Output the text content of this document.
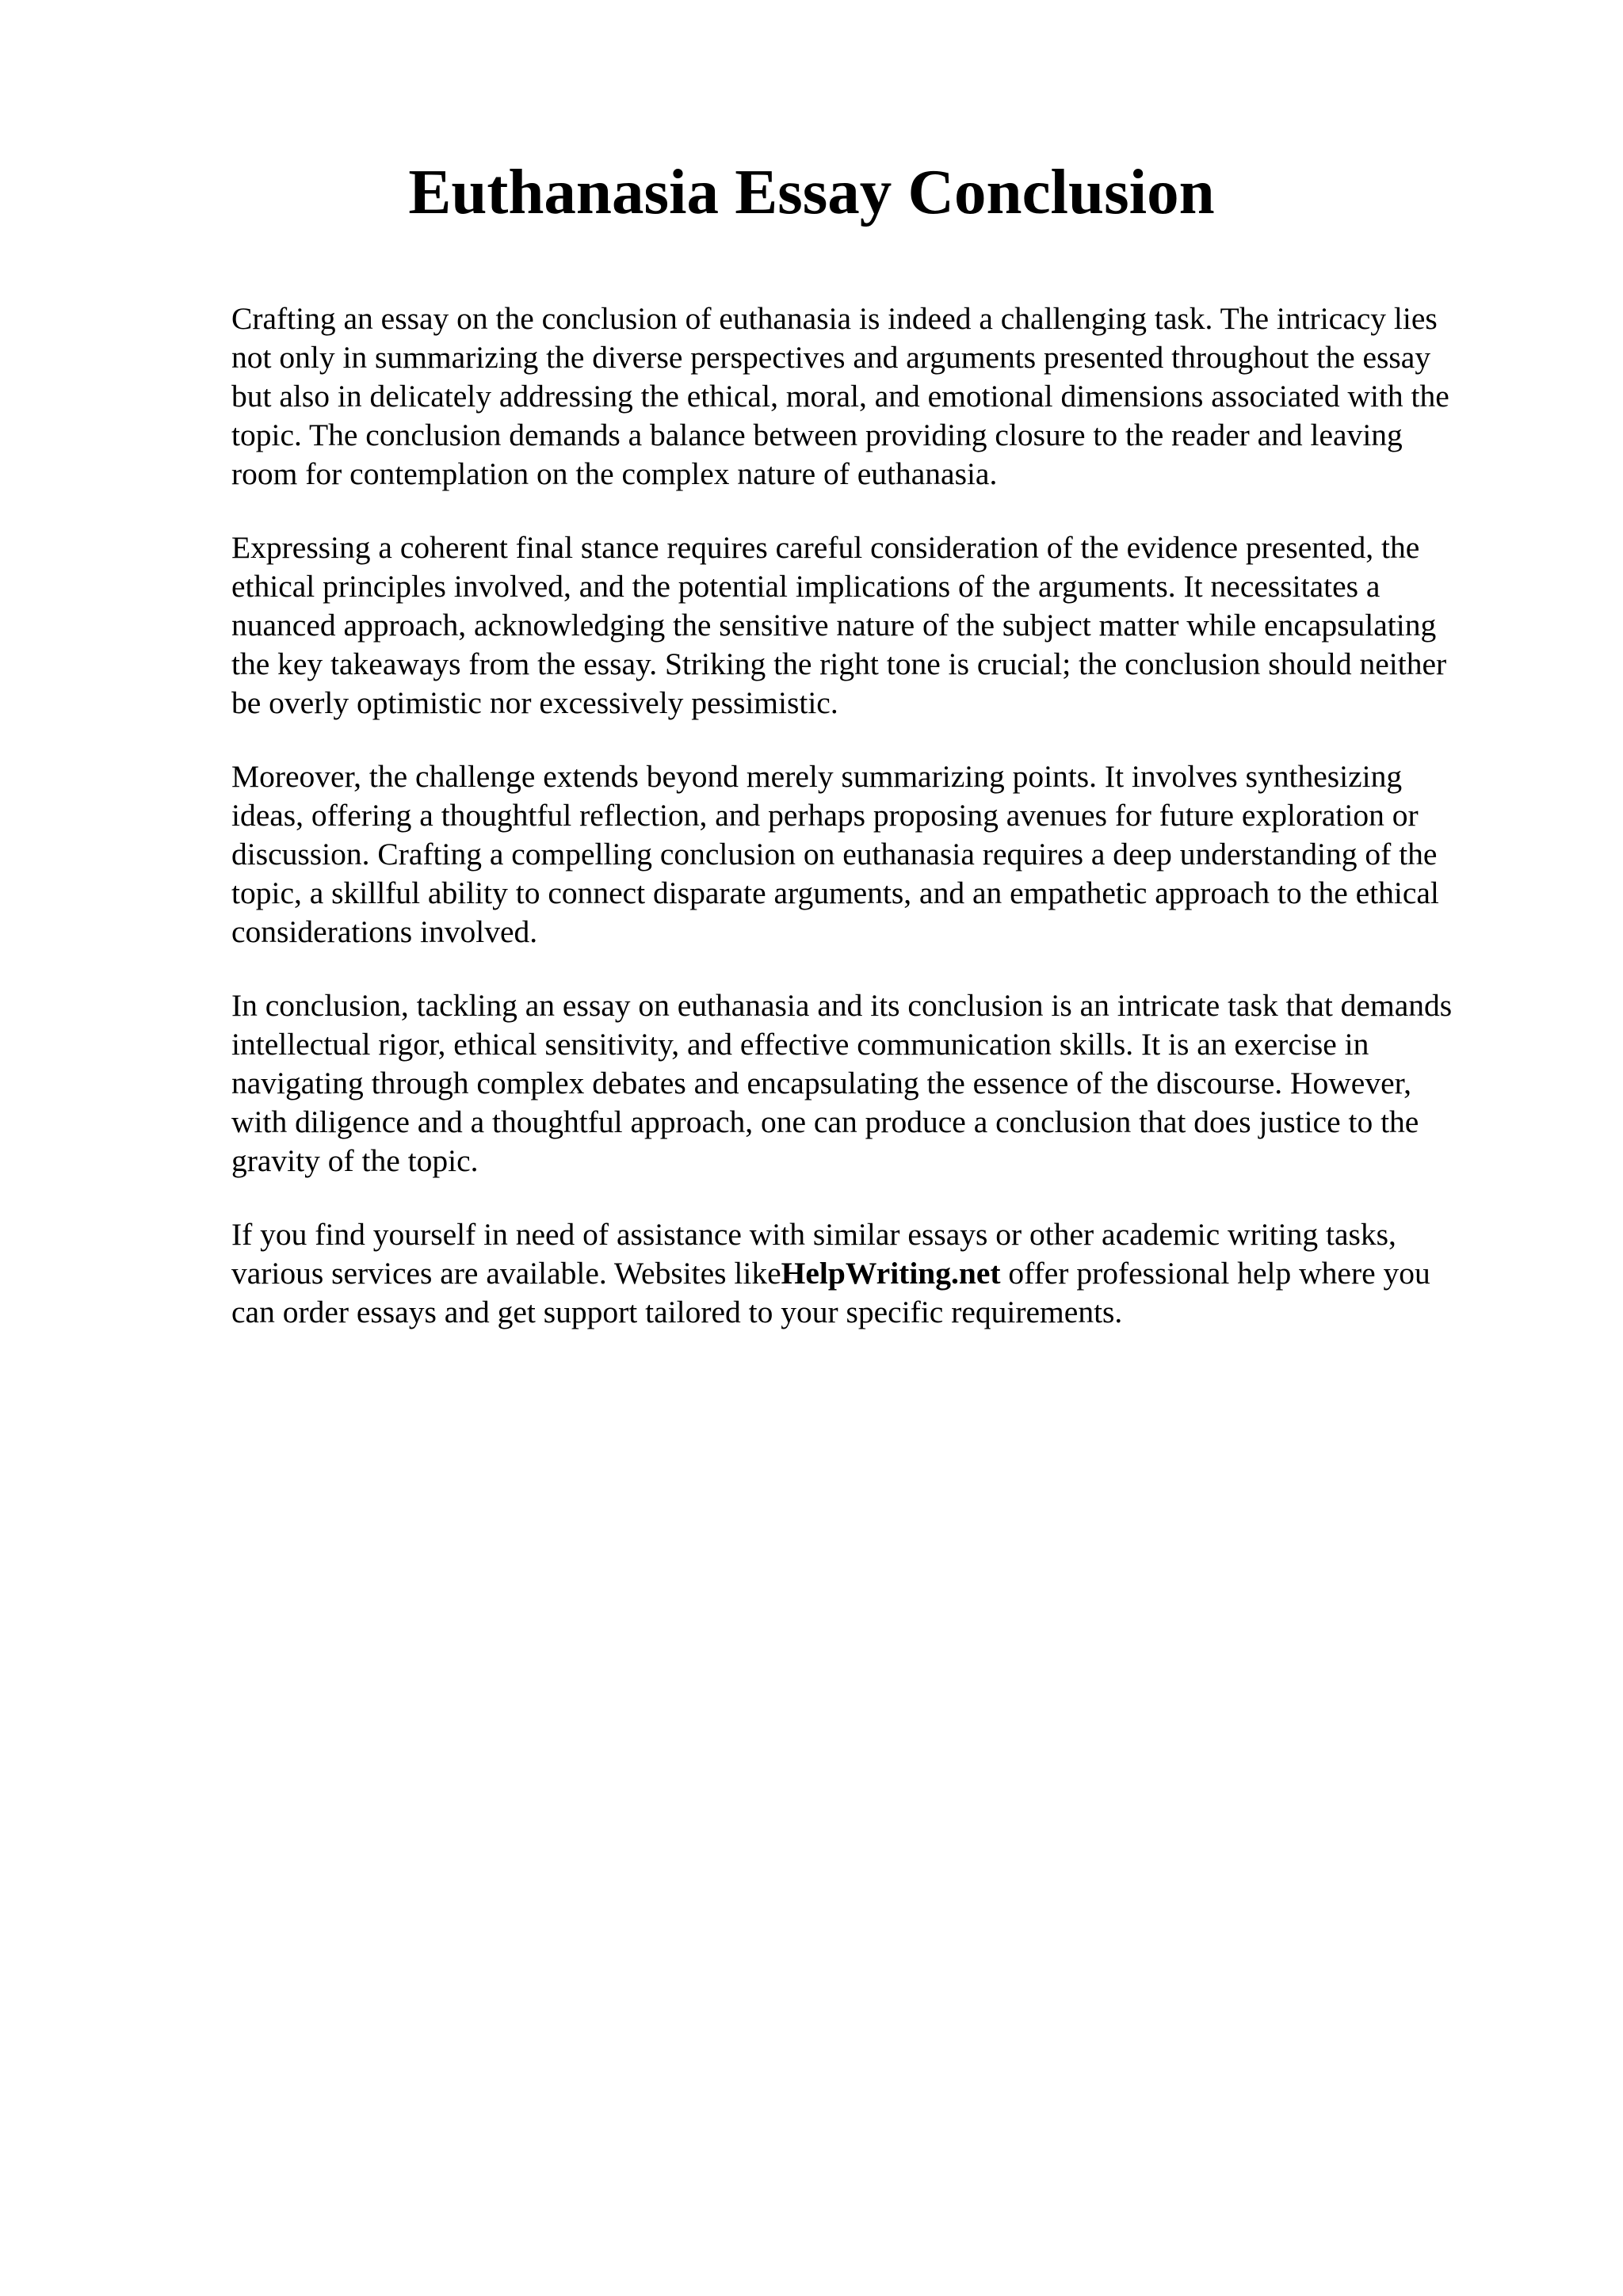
Euthanasia Essay Conclusion

Crafting an essay on the conclusion of euthanasia is indeed a challenging task. The intricacy lies
not only in summarizing the diverse perspectives and arguments presented throughout the essay
but also in delicately addressing the ethical, moral, and emotional dimensions associated with the
topic. The conclusion demands a balance between providing closure to the reader and leaving
room for contemplation on the complex nature of euthanasia.

Expressing a coherent final stance requires careful consideration of the evidence presented, the
ethical principles involved, and the potential implications of the arguments. It necessitates a
nuanced approach, acknowledging the sensitive nature of the subject matter while encapsulating
the key takeaways from the essay. Striking the right tone is crucial; the conclusion should neither
be overly optimistic nor excessively pessimistic.

Moreover, the challenge extends beyond merely summarizing points. It involves synthesizing
ideas, offering a thoughtful reflection, and perhaps proposing avenues for future exploration or
discussion. Crafting a compelling conclusion on euthanasia requires a deep understanding of the
topic, a skillful ability to connect disparate arguments, and an empathetic approach to the ethical
considerations involved.

In conclusion, tackling an essay on euthanasia and its conclusion is an intricate task that demands
intellectual rigor, ethical sensitivity, and effective communication skills. It is an exercise in
navigating through complex debates and encapsulating the essence of the discourse. However,
with diligence and a thoughtful approach, one can produce a conclusion that does justice to the
gravity of the topic.

If you find yourself in need of assistance with similar essays or other academic writing tasks,
various services are available. Websites likeHelpWriting.net offer professional help where you
can order essays and get support tailored to your specific requirements.
